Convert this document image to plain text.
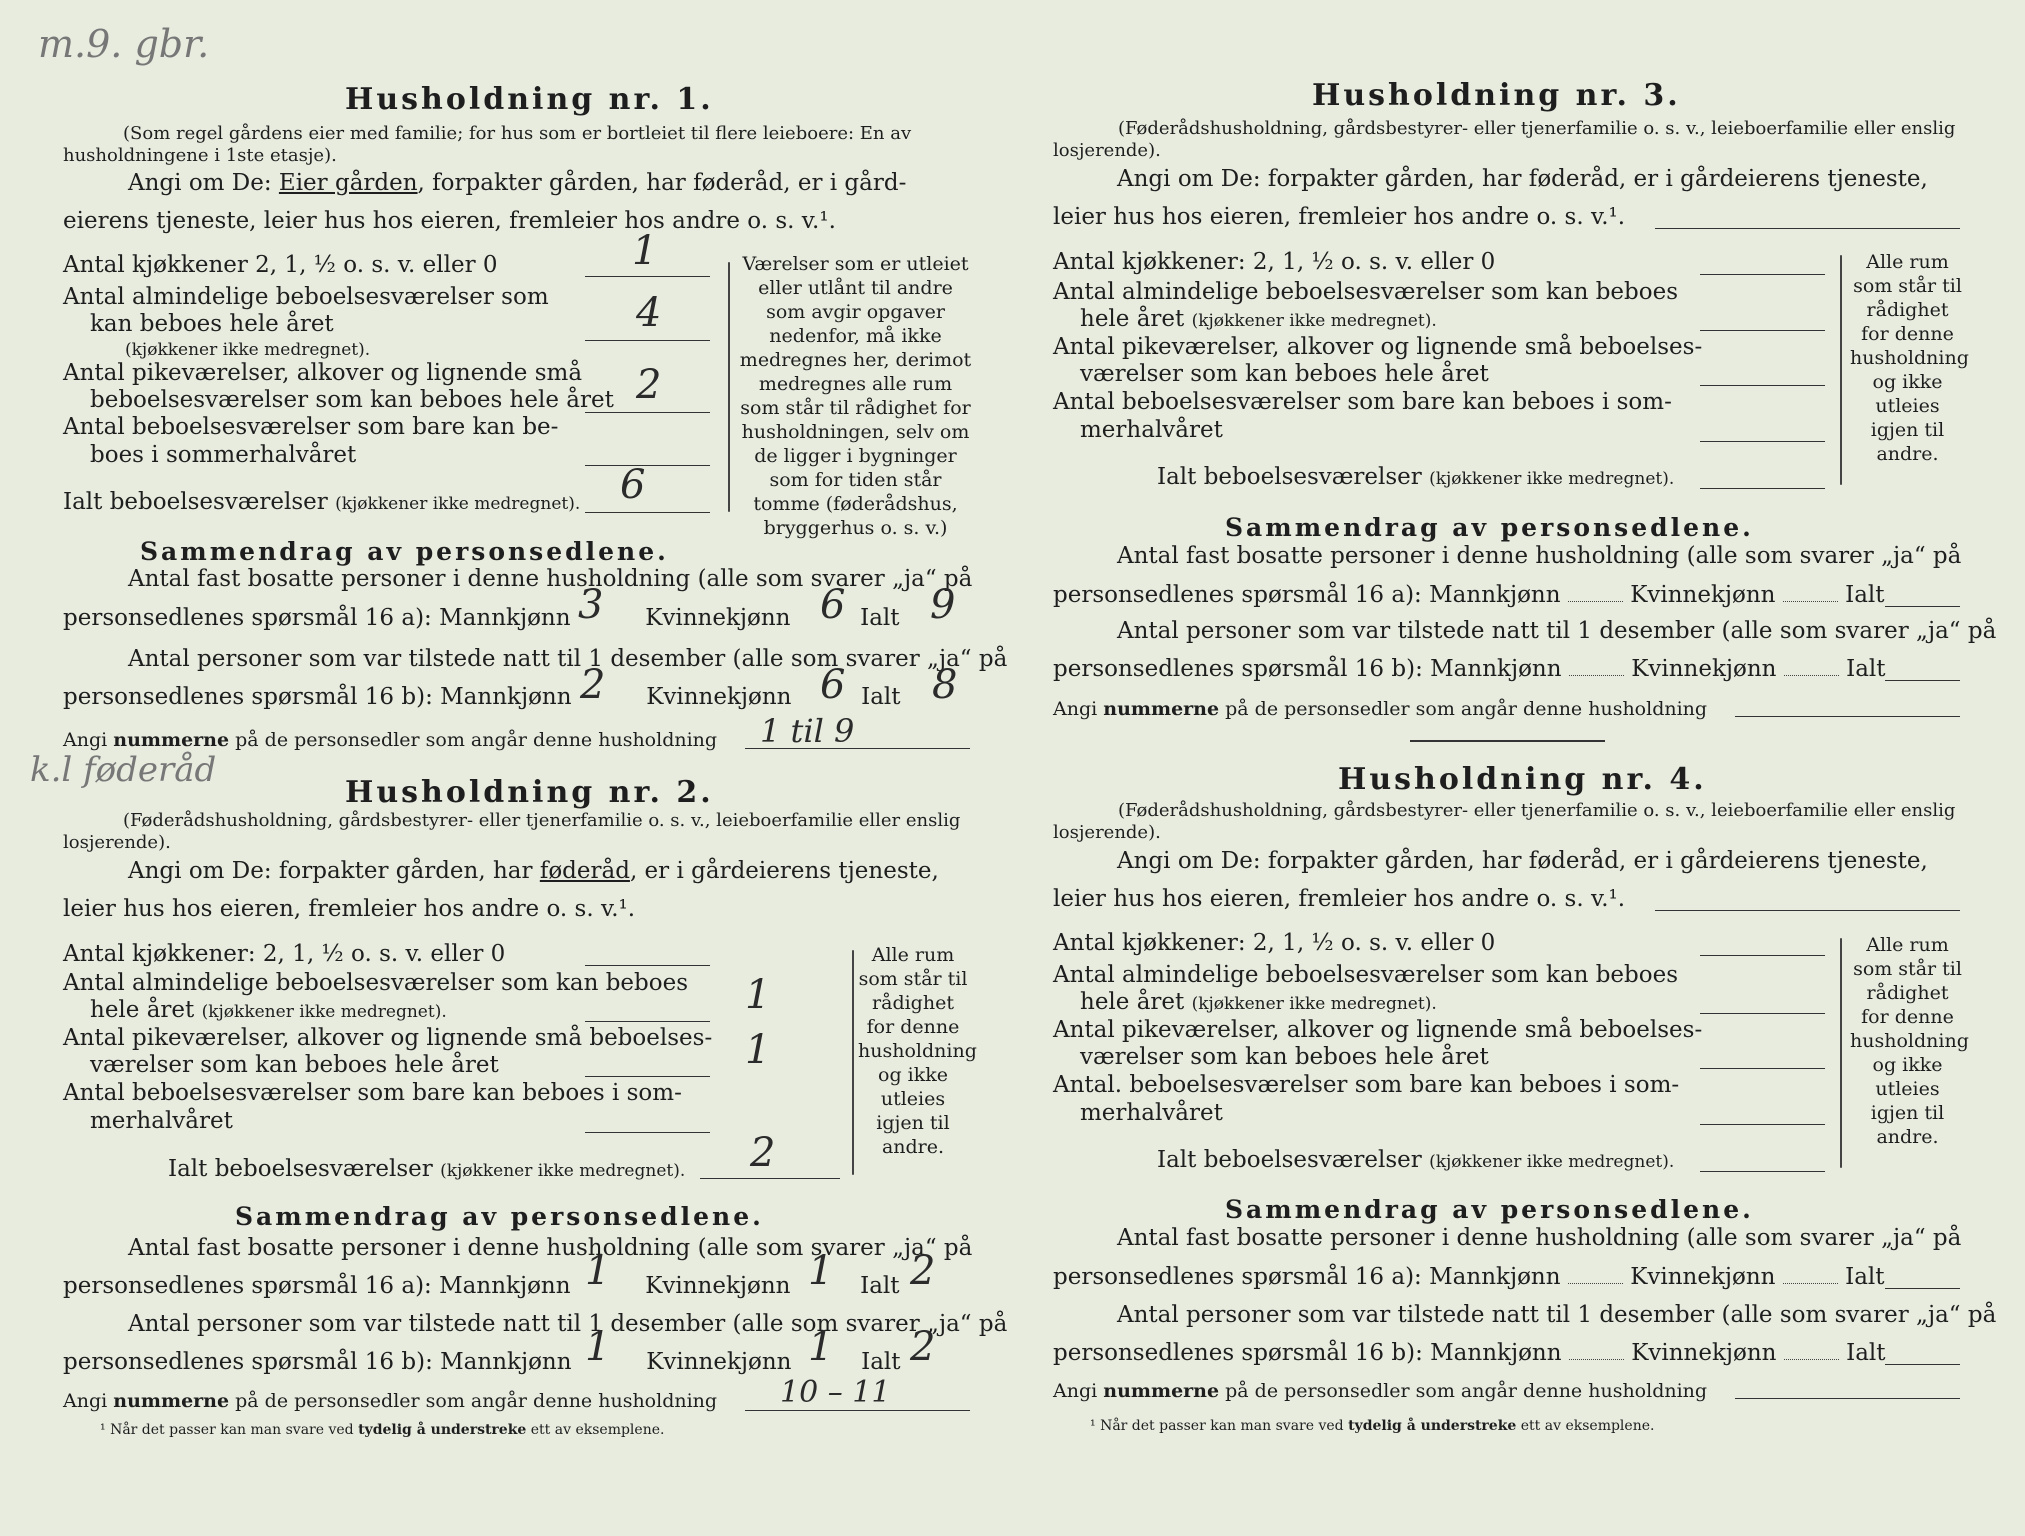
m.9. gbr.
k.l føderåd
Husholdning nr. 1.
(Som regel gårdens eier med familie; for hus som er bortleiet til flere leieboere: En av husholdningene i 1ste etasje).
Angi om De: Eier gården, forpakter gården, har føderåd, er i gård-
eierens tjeneste, leier hus hos eieren, fremleier hos andre o. s. v.¹.
Antal kjøkkener 2, 1, ½ o. s. v. eller 0	1
Antal almindelige beboelsesværelser som
kan beboes hele året
(kjøkkener ikke medregnet).
4
Antal pikeværelser, alkover og lignende små
beboelsesværelser som kan beboes hele året 2
Antal beboelsesværelser som bare kan be-
boes i sommerhalvåret
Ialt beboelsesværelser (kjøkkener ikke medregnet). 6
Værelser som er utleiet eller utlånt til andre som avgir opgaver nedenfor, må ikke medregnes her, derimot medregnes alle rum som står til rådighet for husholdningen, selv om de ligger i bygninger som for tiden står tomme (føderådshus, bryggerhus o. s. v.)
Sammendrag av personsedlene.
Antal fast bosatte personer i denne husholdning (alle som svarer „ja“ på
personsedlenes spørsmål 16 a): Mannkjønn	Kvinnekjønn	Ialt
3	6 9
Antal personer som var tilstede natt til 1 desember (alle som svarer „ja“ på
personsedlenes spørsmål 16 b): Mannkjønn	Kvinnekjønn	Ialt
2	6 8
Angi nummerne på de personsedler som angår denne husholdning 1 til 9
Husholdning nr. 2.
(Føderådshusholdning, gårdsbestyrer- eller tjenerfamilie o. s. v., leieboerfamilie eller enslig losjerende).
Angi om De: forpakter gården, har føderåd, er i gårdeierens tjeneste,
leier hus hos eieren, fremleier hos andre o. s. v.¹.
Antal kjøkkener: 2, 1, ½ o. s. v. eller 0
Antal almindelige beboelsesværelser som kan beboes
hele året (kjøkkener ikke medregnet).	1
Antal pikeværelser, alkover og lignende små beboelses-
værelser som kan beboes hele året	1
Antal beboelsesværelser som bare kan beboes i som-
merhalvåret
Ialt beboelsesværelser (kjøkkener ikke medregnet). 2
Alle rum som står til rådighet for denne husholdning og ikke utleies igjen til andre.
Sammendrag av personsedlene.
Antal fast bosatte personer i denne husholdning (alle som svarer „ja“ på
personsedlenes spørsmål 16 a): Mannkjønn	Kvinnekjønn	Ialt
1	1 2
Antal personer som var tilstede natt til 1 desember (alle som svarer „ja“ på
personsedlenes spørsmål 16 b): Mannkjønn	Kvinnekjønn	Ialt
1	1 2
Angi nummerne på de personsedler som angår denne husholdning 10 – 11
¹ Når det passer kan man svare ved tydelig å understreke ett av eksemplene.
Husholdning nr. 3.
(Føderådshusholdning, gårdsbestyrer- eller tjenerfamilie o. s. v., leieboerfamilie eller enslig losjerende).
Angi om De: forpakter gården, har føderåd, er i gårdeierens tjeneste,
leier hus hos eieren, fremleier hos andre o. s. v.¹.
Antal kjøkkener: 2, 1, ½ o. s. v. eller 0
Antal almindelige beboelsesværelser som kan beboes
hele året (kjøkkener ikke medregnet).
Antal pikeværelser, alkover og lignende små beboelses-
værelser som kan beboes hele året
Antal beboelsesværelser som bare kan beboes i som-
merhalvåret
Ialt beboelsesværelser (kjøkkener ikke medregnet).
Alle rum som står til rådighet for denne husholdning og ikke utleies igjen til andre.
Sammendrag av personsedlene.
Antal fast bosatte personer i denne husholdning (alle som svarer „ja“ på
personsedlenes spørsmål 16 a): Mannkjønn	Kvinnekjønn	Ialt
Antal personer som var tilstede natt til 1 desember (alle som svarer „ja“ på
personsedlenes spørsmål 16 b): Mannkjønn	Kvinnekjønn	Ialt
Angi nummerne på de personsedler som angår denne husholdning
Husholdning nr. 4.
(Føderådshusholdning, gårdsbestyrer- eller tjenerfamilie o. s. v., leieboerfamilie eller enslig losjerende).
Angi om De: forpakter gården, har føderåd, er i gårdeierens tjeneste,
leier hus hos eieren, fremleier hos andre o. s. v.¹.
Antal kjøkkener: 2, 1, ½ o. s. v. eller 0
Antal almindelige beboelsesværelser som kan beboes
hele året (kjøkkener ikke medregnet).
Antal pikeværelser, alkover og lignende små beboelses-
værelser som kan beboes hele året
Antal. beboelsesværelser som bare kan beboes i som-
merhalvåret
Ialt beboelsesværelser (kjøkkener ikke medregnet).
Alle rum som står til rådighet for denne husholdning og ikke utleies igjen til andre.
Sammendrag av personsedlene.
Antal fast bosatte personer i denne husholdning (alle som svarer „ja“ på
personsedlenes spørsmål 16 a): Mannkjønn	Kvinnekjønn	Ialt
Antal personer som var tilstede natt til 1 desember (alle som svarer „ja“ på
personsedlenes spørsmål 16 b): Mannkjønn	Kvinnekjønn	Ialt
Angi nummerne på de personsedler som angår denne husholdning
¹ Når det passer kan man svare ved tydelig å understreke ett av eksemplene.
